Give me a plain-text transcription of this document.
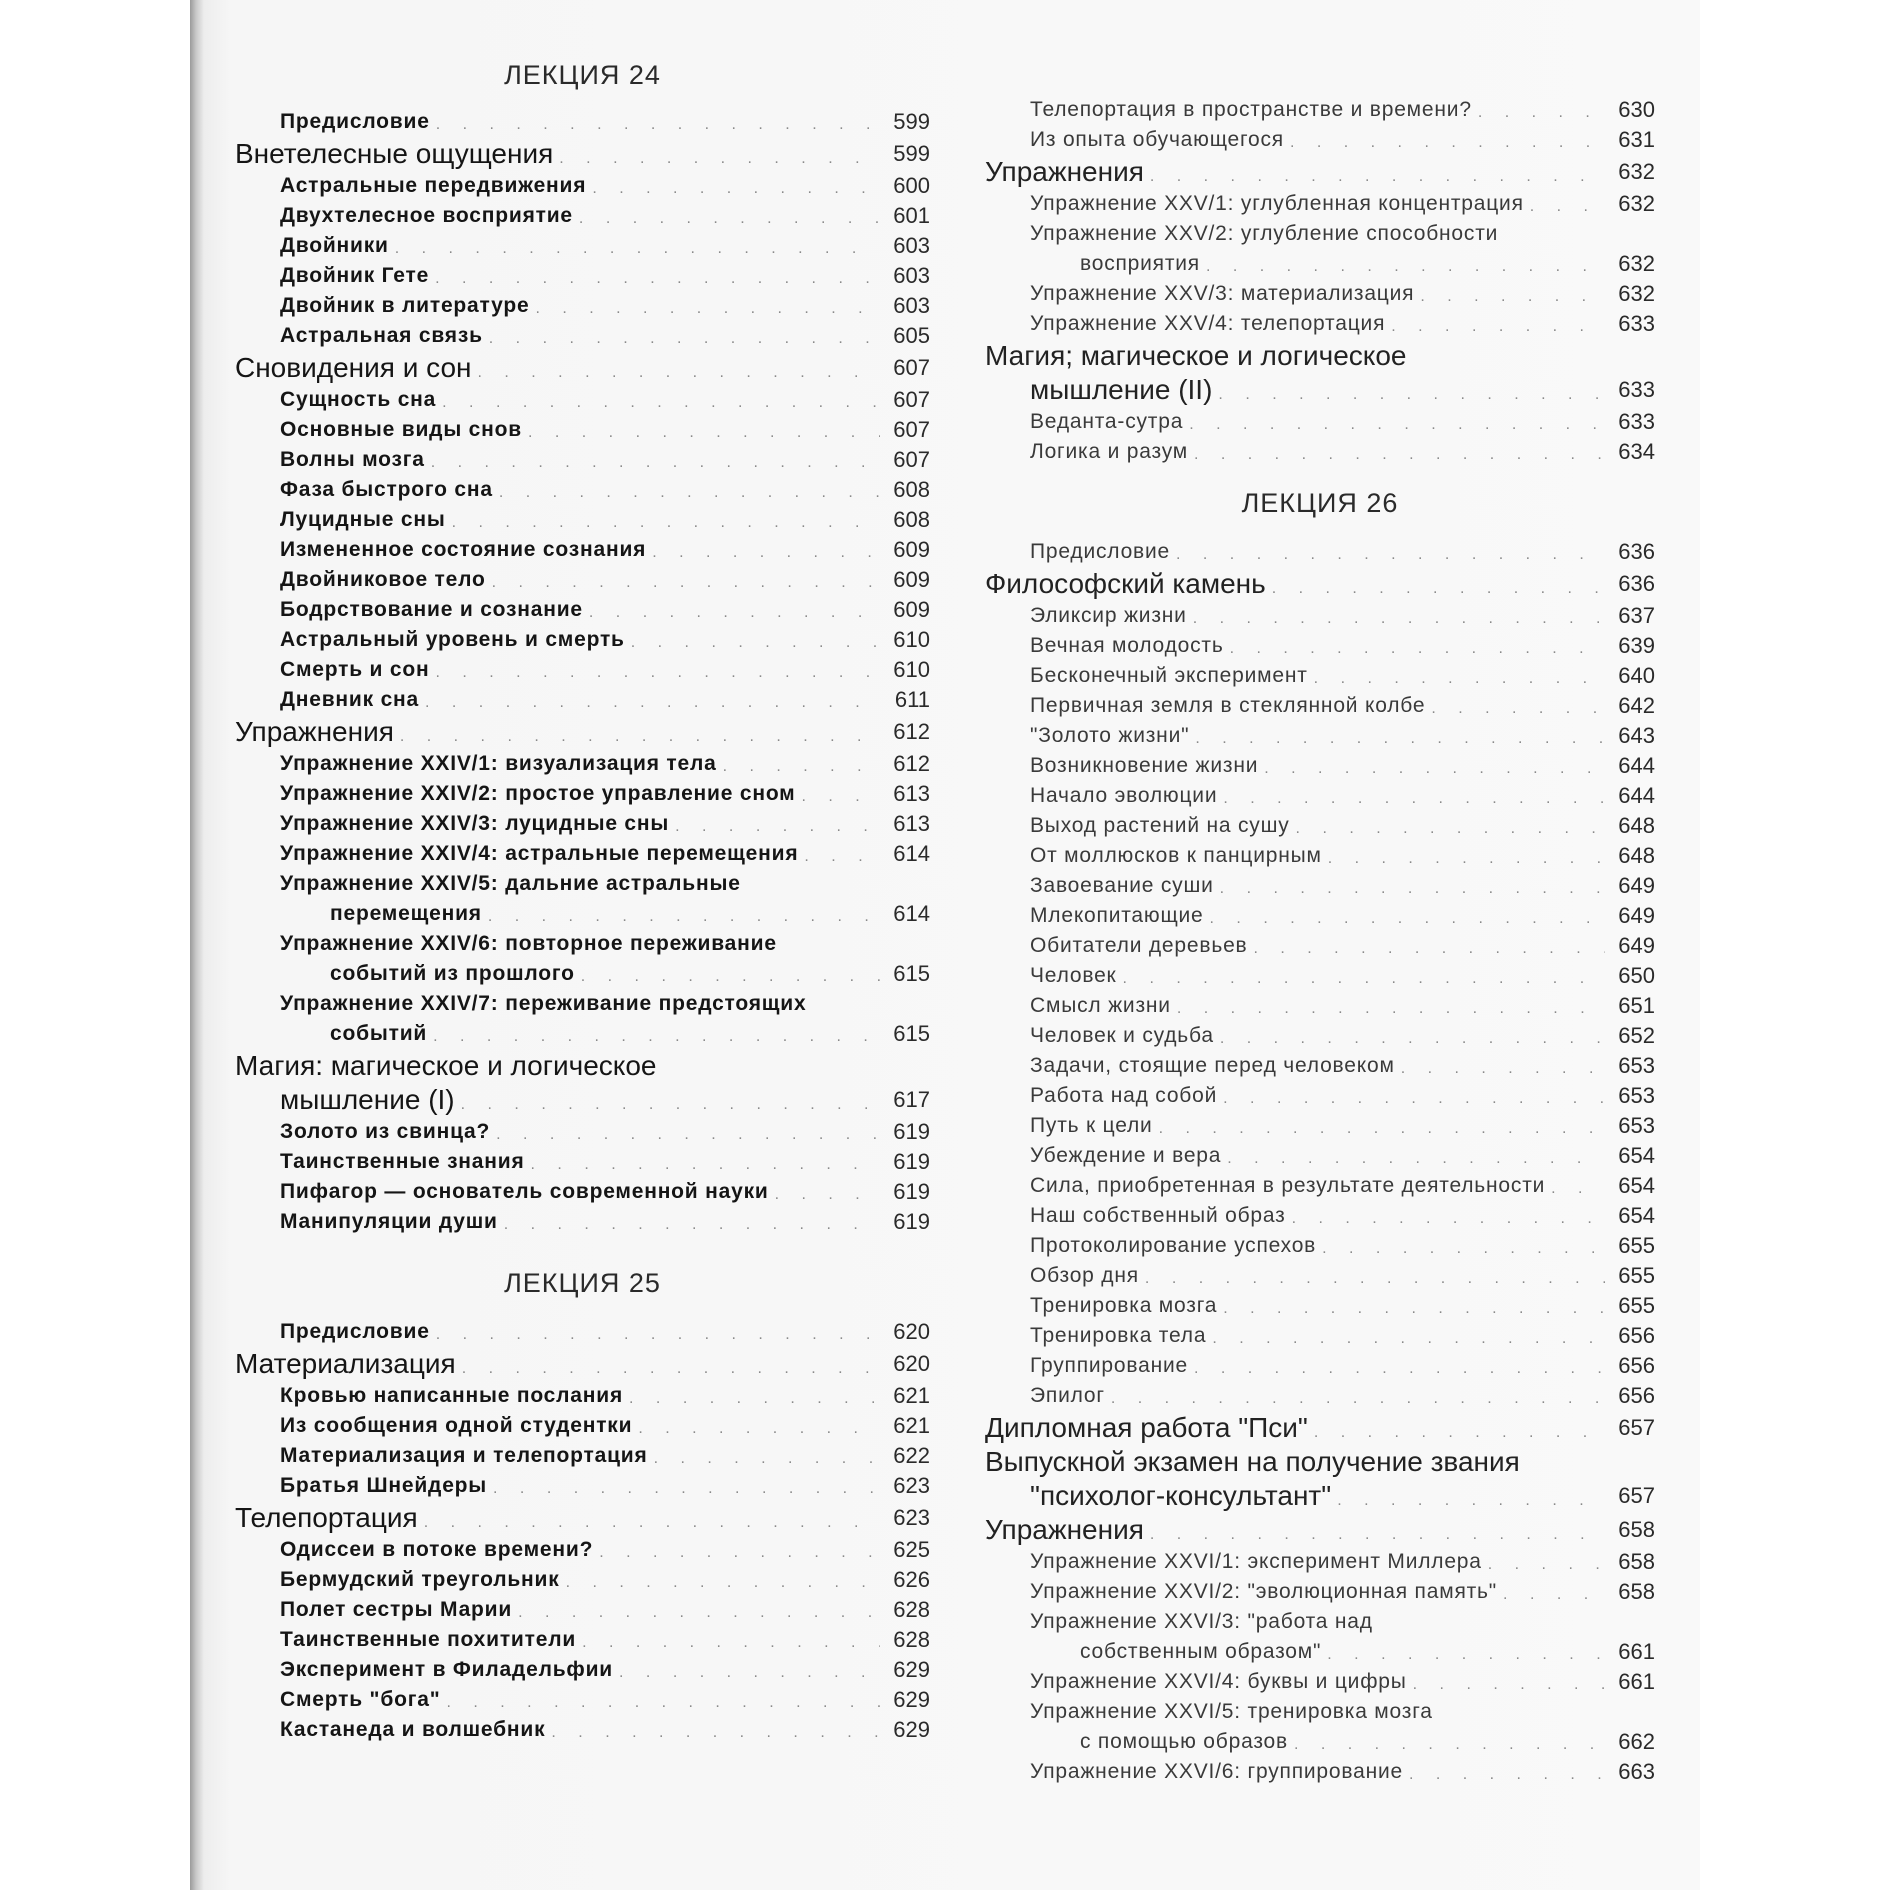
ЛЕКЦИЯ 24
Предисловие . . .	599
Внетелесные ощущения . . .	599
Астральные передвижения . . .	600
Двухтелесное восприятие . . .	601
Двойники . . .	603
Двойник Гете . . .	603
Двойник в литературе . . .	603
Астральная связь . . .	605
Сновидения и сон . . .	607
Сущность сна . . .	607
Основные виды снов . . .	607
Волны мозга . . .	607
Фаза быстрого сна . . .	608
Луцидные сны . . .	608
Измененное состояние сознания . . .	609
Двойниковое тело . . .	609
Бодрствование и сознание . . .	609
Астральный уровень и смерть . . .	610
Смерть и сон . . .	610
Дневник сна . . .	611
Упражнения . . .	612
Упражнение XXIV/1: визуализация тела . . .	612
Упражнение XXIV/2: простое управление сном . . .	613
Упражнение XXIV/3: луцидные сны . . .	613
Упражнение XXIV/4: астральные перемещения . . .	614
Упражнение XXIV/5: дальние астральные
перемещения . . .	614
Упражнение XXIV/6: повторное переживание
событий из прошлого . . .	615
Упражнение XXIV/7: переживание предстоящих
событий . . .	615
Магия: магическое и логическое
мышление (I) . . .	617
Золото из свинца? . . .	619
Таинственные знания . . .	619
Пифагор — основатель современной науки . . .	619
Манипуляции души . . .	619
ЛЕКЦИЯ 25
Предисловие . . .	620
Материализация . . .	620
Кровью написанные послания . . .	621
Из сообщения одной студентки . . .	621
Материализация и телепортация . . .	622
Братья Шнейдеры . . .	623
Телепортация . . .	623
Одиссеи в потоке времени? . . .	625
Бермудский треугольник . . .	626
Полет сестры Марии . . .	628
Таинственные похитители . . .	628
Эксперимент в Филадельфии . . .	629
Смерть "бога" . . .	629
Кастанеда и волшебник . . .	629
Телепортация в пространстве и времени? . . .	630
Из опыта обучающегося . . .	631
Упражнения . . .	632
Упражнение XXV/1: углубленная концентрация . . .	632
Упражнение XXV/2: углубление способности
восприятия . . .	632
Упражнение XXV/3: материализация . . .	632
Упражнение XXV/4: телепортация . . .	633
Магия; магическое и логическое
мышление (II) . . .	633
Веданта-сутра . . .	633
Логика и разум . . .	634
ЛЕКЦИЯ 26
Предисловие . . .	636
Философский камень . . .	636
Эликсир жизни . . .	637
Вечная молодость . . .	639
Бесконечный эксперимент . . .	640
Первичная земля в стеклянной колбе . . .	642
"Золото жизни" . . .	643
Возникновение жизни . . .	644
Начало эволюции . . .	644
Выход растений на сушу . . .	648
От моллюсков к панцирным . . .	648
Завоевание суши . . .	649
Млекопитающие . . .	649
Обитатели деревьев . . .	649
Человек . . .	650
Смысл жизни . . .	651
Человек и судьба . . .	652
Задачи, стоящие перед человеком . . .	653
Работа над собой . . .	653
Путь к цели . . .	653
Убеждение и вера . . .	654
Сила, приобретенная в результате деятельности . . .	654
Наш собственный образ . . .	654
Протоколирование успехов . . .	655
Обзор дня . . .	655
Тренировка мозга . . .	655
Тренировка тела . . .	656
Группирование . . .	656
Эпилог . . .	656
Дипломная работа "Пси" . . .	657
Выпускной экзамен на получение звания
"психолог-консультант" . . .	657
Упражнения . . .	658
Упражнение XXVI/1: эксперимент Миллера . . .	658
Упражнение XXVI/2: "эволюционная память" . . .	658
Упражнение XXVI/3: "работа над
собственным образом" . . .	661
Упражнение XXVI/4: буквы и цифры . . .	661
Упражнение XXVI/5: тренировка мозга
с помощью образов . . .	662
Упражнение XXVI/6: группирование . . .	663
